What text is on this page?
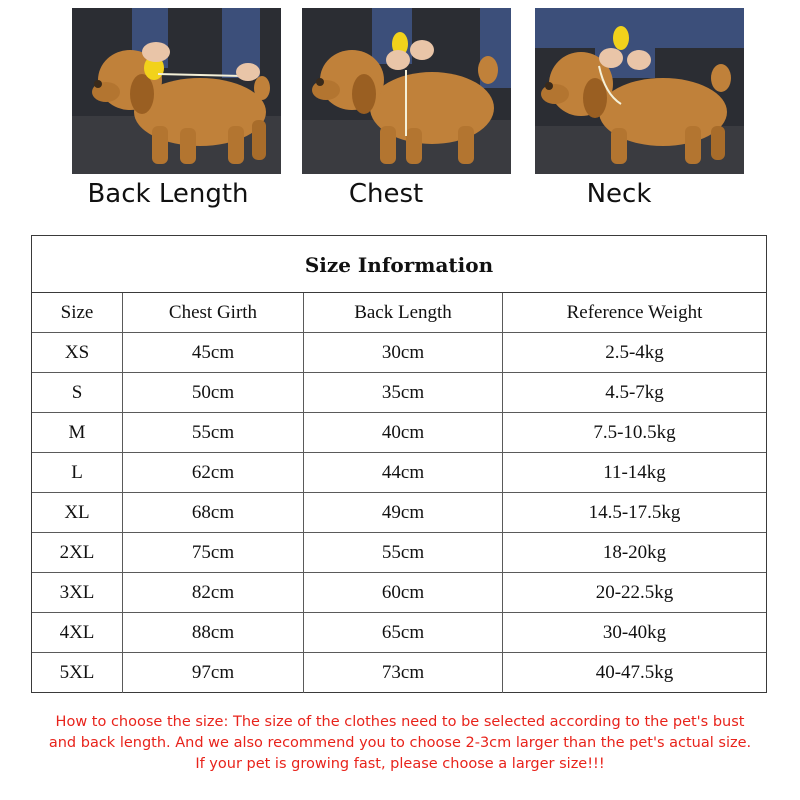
Back Length	Chest	Neck
Size Information
Size	Chest Girth	Back Length	Reference Weight
XS	45cm	30cm	2.5-4kg
S	50cm	35cm	4.5-7kg
M	55cm	40cm	7.5-10.5kg
L	62cm	44cm	11-14kg
XL	68cm	49cm	14.5-17.5kg
2XL	75cm	55cm	18-20kg
3XL	82cm	60cm	20-22.5kg
4XL	88cm	65cm	30-40kg
5XL	97cm	73cm	40-47.5kg
How to choose the size: The size of the clothes need to be selected according to the pet's bust
and back length. And we also recommend you to choose 2-3cm larger than the pet's actual size.
If your pet is growing fast, please choose a larger size!!!
